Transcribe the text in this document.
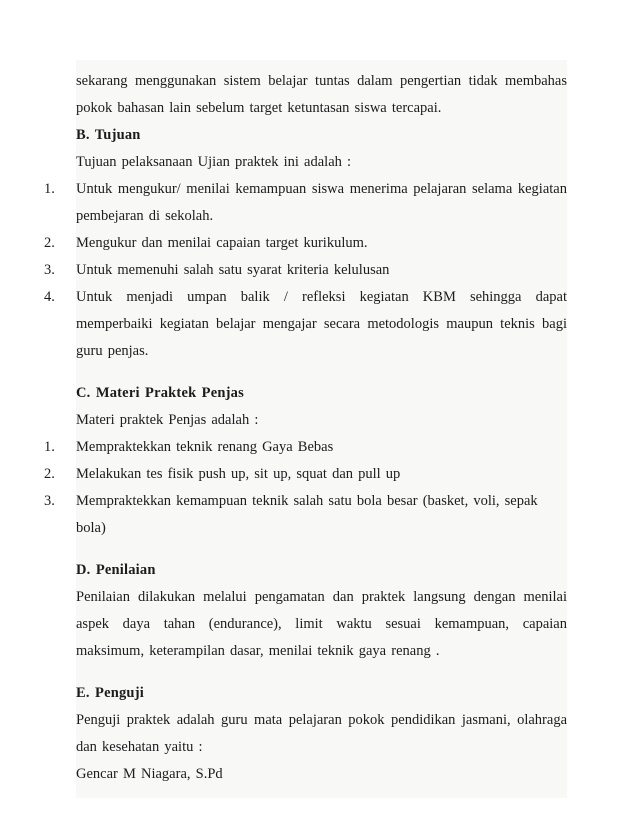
sekarang menggunakan sistem belajar tuntas dalam pengertian tidak membahas pokok bahasan lain sebelum target ketuntasan siswa tercapai.

B. Tujuan

Tujuan pelaksanaan Ujian praktek ini adalah :

1.	Untuk mengukur/ menilai kemampuan siswa menerima pelajaran selama kegiatan pembejaran di sekolah.
2.	Mengukur dan menilai capaian target kurikulum.
3.	Untuk memenuhi salah satu syarat kriteria kelulusan
4.	Untuk menjadi umpan balik / refleksi kegiatan KBM sehingga dapat memperbaiki kegiatan belajar mengajar secara metodologis maupun teknis bagi guru penjas.
C. Materi Praktek Penjas

Materi praktek Penjas adalah :

1.	Mempraktekkan teknik renang Gaya Bebas
2.	Melakukan tes fisik push up, sit up, squat dan pull up
3.	Mempraktekkan kemampuan teknik salah satu bola besar (basket, voli, sepak bola)
D. Penilaian

Penilaian dilakukan melalui pengamatan dan praktek langsung dengan menilai aspek daya tahan (endurance), limit waktu sesuai kemampuan, capaian maksimum, keterampilan dasar, menilai teknik gaya renang .

E. Penguji

Penguji praktek adalah guru mata pelajaran pokok pendidikan jasmani, olahraga dan kesehatan yaitu :

Gencar M Niagara, S.Pd
